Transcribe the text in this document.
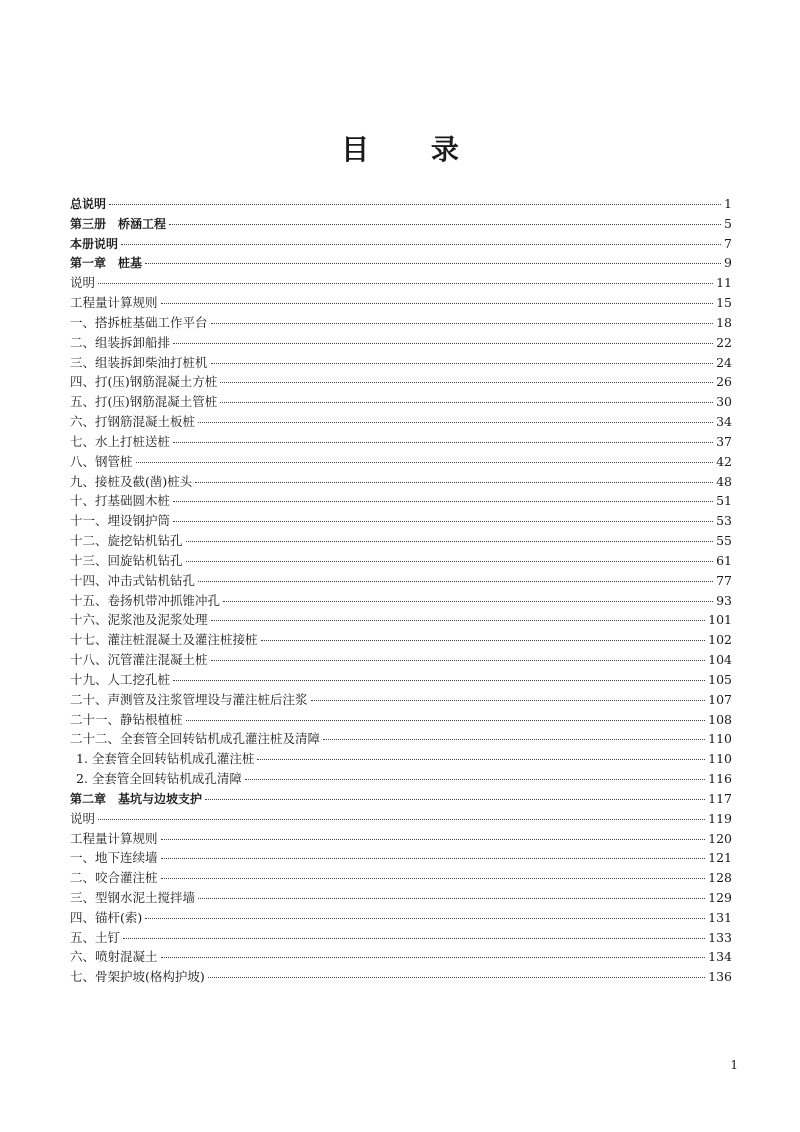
目 录
总说明	1
第三册　桥涵工程	5
本册说明	7
第一章　桩基	9
说明	11
工程量计算规则	15
一、搭拆桩基础工作平台	18
二、组装拆卸船排	22
三、组装拆卸柴油打桩机	24
四、打(压)钢筋混凝土方桩	26
五、打(压)钢筋混凝土管桩	30
六、打钢筋混凝土板桩	34
七、水上打桩送桩	37
八、钢管桩	42
九、接桩及截(凿)桩头	48
十、打基础圆木桩	51
十一、埋设钢护筒	53
十二、旋挖钻机钻孔	55
十三、回旋钻机钻孔	61
十四、冲击式钻机钻孔	77
十五、卷扬机带冲抓锥冲孔	93
十六、泥浆池及泥浆处理	101
十七、灌注桩混凝土及灌注桩接桩	102
十八、沉管灌注混凝土桩	104
十九、人工挖孔桩	105
二十、声测管及注浆管埋设与灌注桩后注浆	107
二十一、静钻根植桩	108
二十二、全套管全回转钻机成孔灌注桩及清障	110
1. 全套管全回转钻机成孔灌注桩	110
2. 全套管全回转钻机成孔清障	116
第二章　基坑与边坡支护	117
说明	119
工程量计算规则	120
一、地下连续墙	121
二、咬合灌注桩	128
三、型钢水泥土搅拌墙	129
四、锚杆(索)	131
五、土钉	133
六、喷射混凝土	134
七、骨架护坡(格构护坡)	136

1
